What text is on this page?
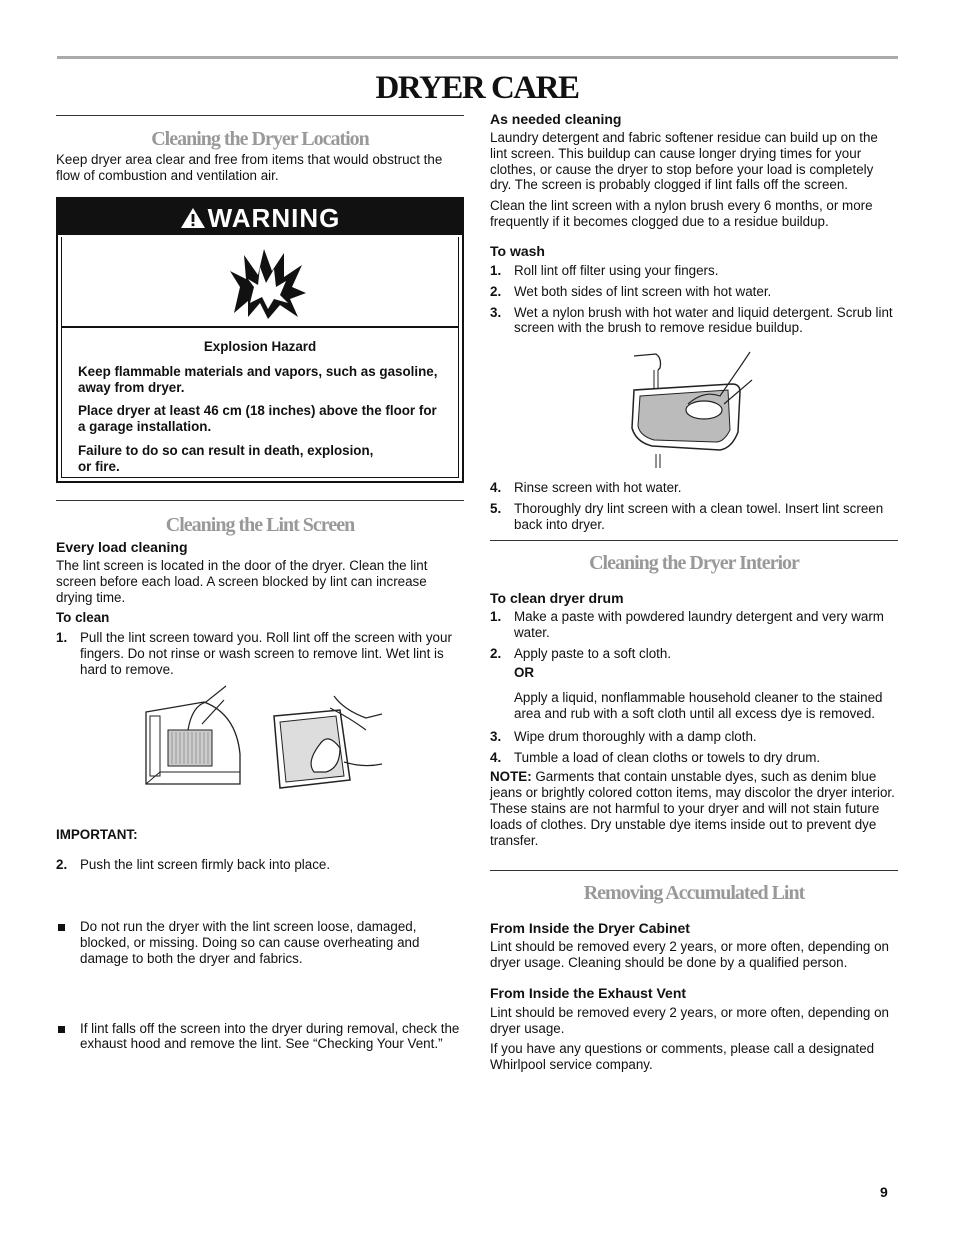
DRYER CARE
Cleaning the Dryer Location

Keep dryer area clear and free from items that would obstruct the flow of combustion and ventilation air.

WARNING

Explosion Hazard

Keep flammable materials and vapors, such as gasoline, away from dryer.

Place dryer at least 46 cm (18 inches) above the floor for a garage installation.

Failure to do so can result in death, explosion, or fire.

Cleaning the Lint Screen

Every load cleaning

The lint screen is located in the door of the dryer. Clean the lint screen before each load. A screen blocked by lint can increase drying time.

To clean

1. Pull the lint screen toward you. Roll lint off the screen with your fingers. Do not rinse or wash screen to remove lint. Wet lint is hard to remove.
2. Push the lint screen firmly back into place.

IMPORTANT:

Do not run the dryer with the lint screen loose, damaged, blocked, or missing. Doing so can cause overheating and damage to both the dryer and fabrics.
If lint falls off the screen into the dryer during removal, check the exhaust hood and remove the lint. See “Checking Your Vent.”

As needed cleaning

Laundry detergent and fabric softener residue can build up on the lint screen. This buildup can cause longer drying times for your clothes, or cause the dryer to stop before your load is completely dry. The screen is probably clogged if lint falls off the screen.

Clean the lint screen with a nylon brush every 6 months, or more frequently if it becomes clogged due to a residue buildup.

To wash

1. Roll lint off filter using your fingers.
2. Wet both sides of lint screen with hot water.
3. Wet a nylon brush with hot water and liquid detergent. Scrub lint screen with the brush to remove residue buildup.
4. Rinse screen with hot water.
5. Thoroughly dry lint screen with a clean towel. Insert lint screen back into dryer.
Cleaning the Dryer Interior

To clean dryer drum

1. Make a paste with powdered laundry detergent and very warm water.
2. Apply paste to a soft cloth.

OR

Apply a liquid, nonflammable household cleaner to the stained area and rub with a soft cloth until all excess dye is removed.

3. Wipe drum thoroughly with a damp cloth.
4. Tumble a load of clean cloths or towels to dry drum.

NOTE: Garments that contain unstable dyes, such as denim blue jeans or brightly colored cotton items, may discolor the dryer interior. These stains are not harmful to your dryer and will not stain future loads of clothes. Dry unstable dye items inside out to prevent dye transfer.

Removing Accumulated Lint

From Inside the Dryer Cabinet

Lint should be removed every 2 years, or more often, depending on dryer usage. Cleaning should be done by a qualified person.

From Inside the Exhaust Vent

Lint should be removed every 2 years, or more often, depending on dryer usage.

If you have any questions or comments, please call a designated Whirlpool service company.

9
